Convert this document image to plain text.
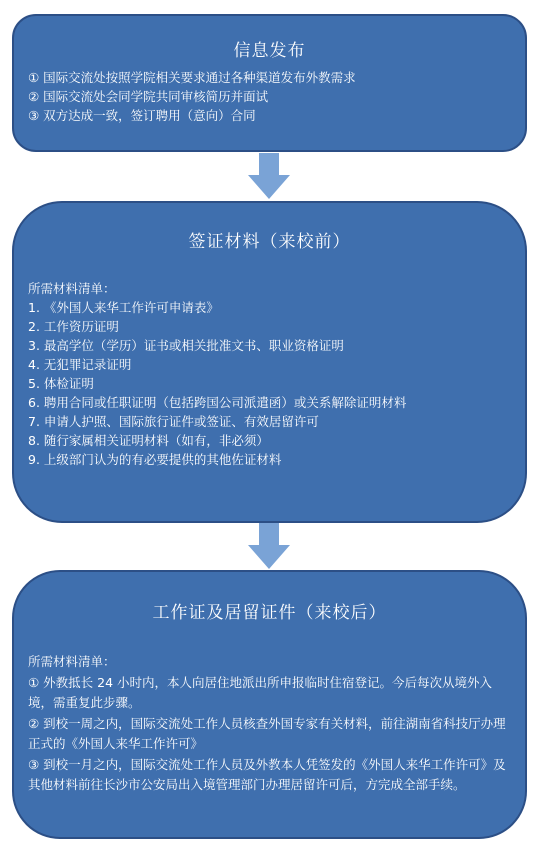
信息发布
① 国际交流处按照学院相关要求通过各种渠道发布外教需求
② 国际交流处会同学院共同审核简历并面试
③ 双方达成一致，签订聘用（意向）合同
签证材料（来校前）
所需材料清单：
1. 《外国人来华工作许可申请表》
2. 工作资历证明
3. 最高学位（学历）证书或相关批准文书、职业资格证明
4. 无犯罪记录证明
5. 体检证明
6. 聘用合同或任职证明（包括跨国公司派遣函）或关系解除证明材料
7. 申请人护照、国际旅行证件或签证、有效居留许可
8. 随行家属相关证明材料（如有，非必须）
9. 上级部门认为的有必要提供的其他佐证材料
工作证及居留证件（来校后）
所需材料清单：
① 外教抵长 24 小时内，本人向居住地派出所申报临时住宿登记。今后每次从境外入境，需重复此步骤。
② 到校一周之内，国际交流处工作人员核查外国专家有关材料，前往湖南省科技厅办理正式的《外国人来华工作许可》
③ 到校一月之内，国际交流处工作人员及外教本人凭签发的《外国人来华工作许可》及其他材料前往长沙市公安局出入境管理部门办理居留许可后，方完成全部手续。
